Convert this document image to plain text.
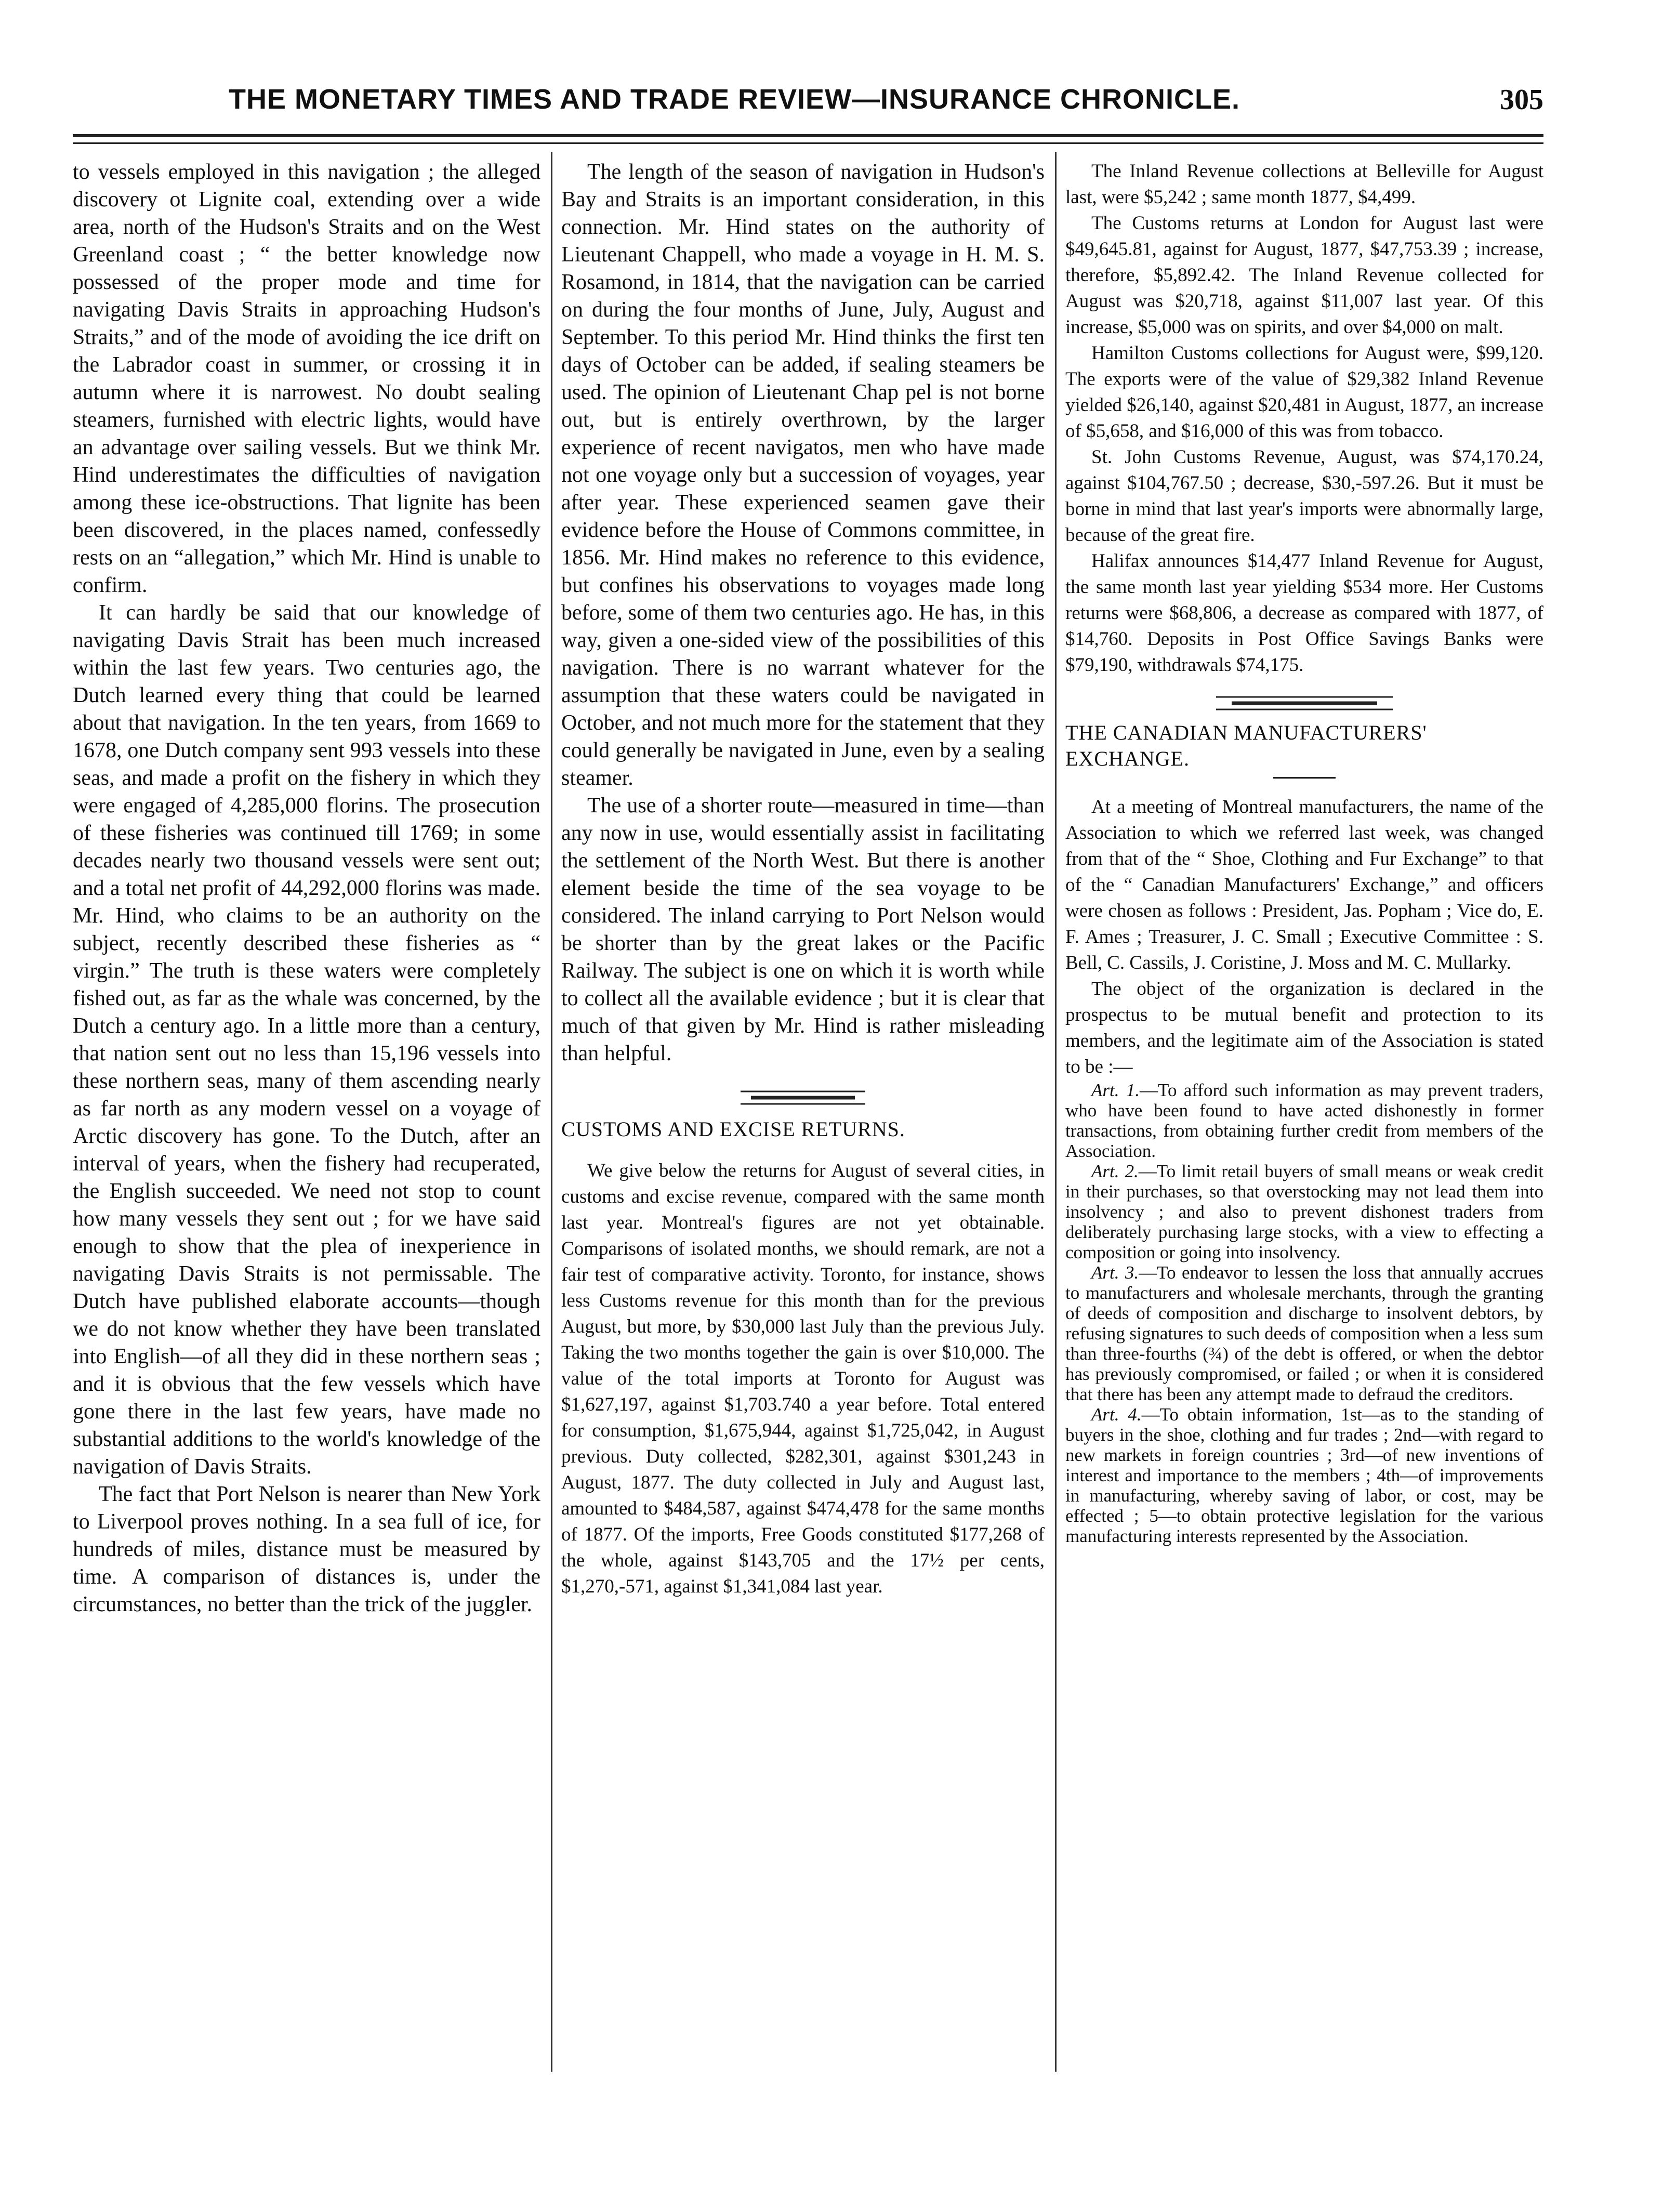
THE MONETARY TIMES AND TRADE REVIEW—INSURANCE CHRONICLE.	305

to vessels employed in this navigation ; the alleged discovery ot Lignite coal, extending over a wide area, north of the Hudson's Straits and on the West Greenland coast ; “ the better knowledge now possessed of the proper mode and time for navigating Davis Straits in approaching Hudson's Straits,” and of the mode of avoiding the ice drift on the Labrador coast in summer, or crossing it in autumn where it is narrowest. No doubt sealing steamers, furnished with electric lights, would have an advantage over sailing vessels. But we think Mr. Hind underestimates the difficulties of navigation among these ice-obstructions. That lignite has been been discovered, in the places named, confessedly rests on an “allegation,” which Mr. Hind is unable to confirm.

It can hardly be said that our knowledge of navigating Davis Strait has been much increased within the last few years. Two centuries ago, the Dutch learned every thing that could be learned about that navigation. In the ten years, from 1669 to 1678, one Dutch company sent 993 vessels into these seas, and made a profit on the fishery in which they were engaged of 4,285,000 florins. The prosecution of these fisheries was continued till 1769; in some decades nearly two thousand vessels were sent out; and a total net profit of 44,292,000 florins was made. Mr. Hind, who claims to be an authority on the subject, recently described these fisheries as “ virgin.” The truth is these waters were completely fished out, as far as the whale was concerned, by the Dutch a century ago. In a little more than a century, that nation sent out no less than 15,196 vessels into these northern seas, many of them ascending nearly as far north as any modern vessel on a voyage of Arctic discovery has gone. To the Dutch, after an interval of years, when the fishery had recuperated, the English succeeded. We need not stop to count how many vessels they sent out ; for we have said enough to show that the plea of inexperience in navigating Davis Straits is not permissable. The Dutch have published elaborate accounts—though we do not know whether they have been translated into English—of all they did in these northern seas ; and it is obvious that the few vessels which have gone there in the last few years, have made no substantial additions to the world's knowledge of the navigation of Davis Straits.

The fact that Port Nelson is nearer than New York to Liverpool proves nothing. In a sea full of ice, for hundreds of miles, distance must be measured by time. A comparison of distances is, under the circumstances, no better than the trick of the juggler.

The length of the season of navigation in Hudson's Bay and Straits is an important consideration, in this connection. Mr. Hind states on the authority of Lieutenant Chappell, who made a voyage in H. M. S. Rosamond, in 1814, that the navigation can be carried on during the four months of June, July, August and September. To this period Mr. Hind thinks the first ten days of October can be added, if sealing steamers be used. The opinion of Lieutenant Chap pel is not borne out, but is entirely overthrown, by the larger experience of recent navigatos, men who have made not one voyage only but a succession of voyages, year after year. These experienced seamen gave their evidence before the House of Commons committee, in 1856. Mr. Hind makes no reference to this evidence, but confines his observations to voyages made long before, some of them two centuries ago. He has, in this way, given a one-sided view of the possibilities of this navigation. There is no warrant whatever for the assumption that these waters could be navigated in October, and not much more for the statement that they could generally be navigated in June, even by a sealing steamer.

The use of a shorter route—measured in time—than any now in use, would essentially assist in facilitating the settlement of the North West. But there is another element beside the time of the sea voyage to be considered. The inland carrying to Port Nelson would be shorter than by the great lakes or the Pacific Railway. The subject is one on which it is worth while to collect all the available evidence ; but it is clear that much of that given by Mr. Hind is rather misleading than helpful.

CUSTOMS AND EXCISE RETURNS.

We give below the returns for August of several cities, in customs and excise revenue, compared with the same month last year. Montreal's figures are not yet obtainable. Comparisons of isolated months, we should remark, are not a fair test of comparative activity. Toronto, for instance, shows less Customs revenue for this month than for the previous August, but more, by $30,000 last July than the previous July. Taking the two months together the gain is over $10,000. The value of the total imports at Toronto for August was $1,627,197, against $1,703.740 a year before. Total entered for consumption, $1,675,944, against $1,725,042, in August previous. Duty collected, $282,301, against $301,243 in August, 1877. The duty collected in July and August last, amounted to $484,587, against $474,478 for the same months of 1877. Of the imports, Free Goods constituted $177,268 of the whole, against $143,705 and the 17½ per cents, $1,270,-571, against $1,341,084 last year.

The Inland Revenue collections at Belleville for August last, were $5,242 ; same month 1877, $4,499.

The Customs returns at London for August last were $49,645.81, against for August, 1877, $47,753.39 ; increase, therefore, $5,892.42. The Inland Revenue collected for August was $20,718, against $11,007 last year. Of this increase, $5,000 was on spirits, and over $4,000 on malt.

Hamilton Customs collections for August were, $99,120. The exports were of the value of $29,382 Inland Revenue yielded $26,140, against $20,481 in August, 1877, an increase of $5,658, and $16,000 of this was from tobacco.

St. John Customs Revenue, August, was $74,170.24, against $104,767.50 ; decrease, $30,-597.26. But it must be borne in mind that last year's imports were abnormally large, because of the great fire.

Halifax announces $14,477 Inland Revenue for August, the same month last year yielding $534 more. Her Customs returns were $68,806, a decrease as compared with 1877, of $14,760. Deposits in Post Office Savings Banks were $79,190, withdrawals $74,175.

THE CANADIAN MANUFACTURERS'

EXCHANGE.

At a meeting of Montreal manufacturers, the name of the Association to which we referred last week, was changed from that of the “ Shoe, Clothing and Fur Exchange” to that of the “ Canadian Manufacturers' Exchange,” and officers were chosen as follows : President, Jas. Popham ; Vice do, E. F. Ames ; Treasurer, J. C. Small ; Executive Committee : S. Bell, C. Cassils, J. Coristine, J. Moss and M. C. Mullarky.

The object of the organization is declared in the prospectus to be mutual benefit and protection to its members, and the legitimate aim of the Association is stated to be :—

Art. 1.—To afford such information as may prevent traders, who have been found to have acted dishonestly in former transactions, from obtaining further credit from members of the Association.

Art. 2.—To limit retail buyers of small means or weak credit in their purchases, so that overstocking may not lead them into insolvency ; and also to prevent dishonest traders from deliberately purchasing large stocks, with a view to effecting a composition or going into insolvency.

Art. 3.—To endeavor to lessen the loss that annually accrues to manufacturers and wholesale merchants, through the granting of deeds of composition and discharge to insolvent debtors, by refusing signatures to such deeds of composition when a less sum than three-fourths (¾) of the debt is offered, or when the debtor has previously compromised, or failed ; or when it is considered that there has been any attempt made to defraud the creditors.

Art. 4.—To obtain information, 1st—as to the standing of buyers in the shoe, clothing and fur trades ; 2nd—with regard to new markets in foreign countries ; 3rd—of new inventions of interest and importance to the members ; 4th—of improvements in manufacturing, whereby saving of labor, or cost, may be effected ; 5—to obtain protective legislation for the various manufacturing interests represented by the Association.
